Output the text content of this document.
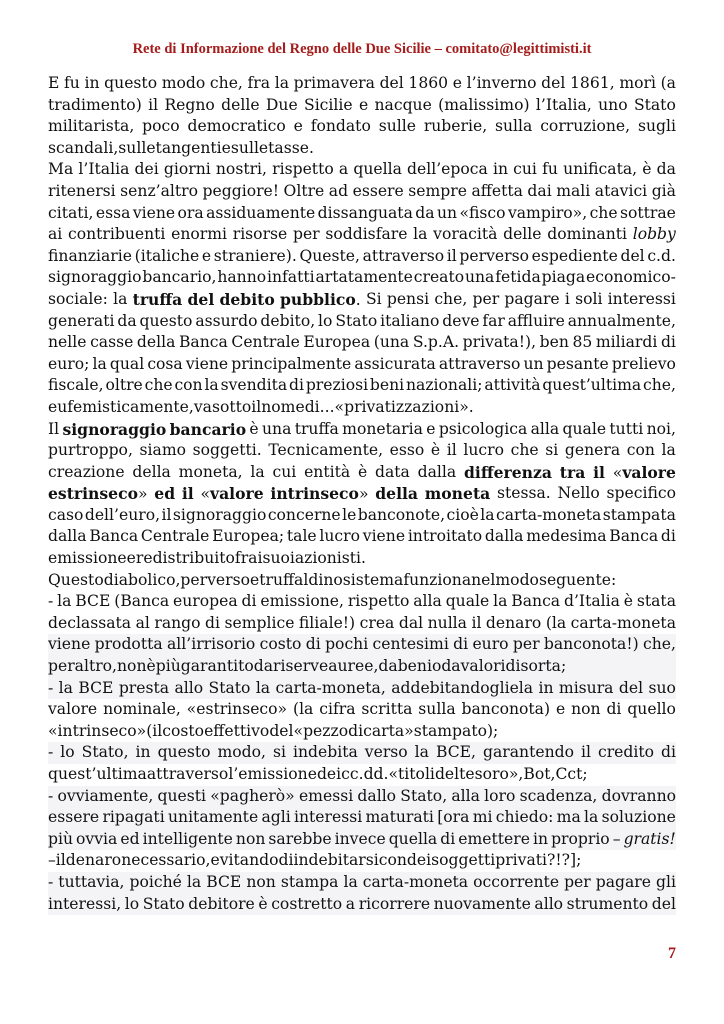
Rete di Informazione del Regno delle Due Sicilie – comitato@legittimisti.it
E fu in questo modo che, fra la primavera del 1860 e l’inverno del 1861, morì (a
tradimento) il Regno delle Due Sicilie e nacque (malissimo) l’Italia, uno Stato
militarista, poco democratico e fondato sulle ruberie, sulla corruzione, sugli
scandali, sulle tangenti e sulle tasse.
Ma l’Italia dei giorni nostri, rispetto a quella dell’epoca in cui fu unificata, è da
ritenersi senz’altro peggiore! Oltre ad essere sempre affetta dai mali atavici già
citati, essa viene ora assiduamente dissanguata da un «fisco vampiro», che sottrae
ai contribuenti enormi risorse per soddisfare la voracità delle dominanti lobby
finanziarie (italiche e straniere). Queste, attraverso il perverso espediente del c.d.
signoraggio bancario, hanno infatti artatamente creato una fetida piaga economico-
sociale: la truffa del debito pubblico. Si pensi che, per pagare i soli interessi
generati da questo assurdo debito, lo Stato italiano deve far affluire annualmente,
nelle casse della Banca Centrale Europea (una S.p.A. privata!), ben 85 miliardi di
euro; la qual cosa viene principalmente assicurata attraverso un pesante prelievo
fiscale, oltre che con la svendita di preziosi beni nazionali; attività quest’ultima che,
eufemisticamente, va sotto il nome di... «privatizzazioni».
Il signoraggio bancario è una truffa monetaria e psicologica alla quale tutti noi,
purtroppo, siamo soggetti. Tecnicamente, esso è il lucro che si genera con la
creazione della moneta, la cui entità è data dalla differenza tra il «valore
estrinseco» ed il «valore intrinseco» della moneta stessa. Nello specifico
caso dell’euro, il signoraggio concerne le banconote, cioè la carta-moneta stampata
dalla Banca Centrale Europea; tale lucro viene introitato dalla medesima Banca di
emissione e redistribuito fra i suoi azionisti.
Questo diabolico, perverso e truffaldino sistema funziona nel modo seguente:
- la BCE (Banca europea di emissione, rispetto alla quale la Banca d’Italia è stata
declassata al rango di semplice filiale!) crea dal nulla il denaro (la carta-moneta
viene prodotta all’irrisorio costo di pochi centesimi di euro per banconota!) che,
peraltro, non è più garantito da riserve auree, da beni o da valori di sorta;
- la BCE presta allo Stato la carta-moneta, addebitandogliela in misura del suo
valore nominale, «estrinseco» (la cifra scritta sulla banconota) e non di quello
«intrinseco» (il costo effettivo del «pezzo di carta» stampato);
- lo Stato, in questo modo, si indebita verso la BCE, garantendo il credito di
quest’ultima attraverso l’emissione dei cc.dd. «titoli del tesoro», Bot, Cct;
- ovviamente, questi «pagherò» emessi dallo Stato, alla loro scadenza, dovranno
essere ripagati unitamente agli interessi maturati [ora mi chiedo: ma la soluzione
più ovvia ed intelligente non sarebbe invece quella di emettere in proprio – gratis!
– il denaro necessario, evitando di indebitarsi con dei soggetti privati?!?];
- tuttavia, poiché la BCE non stampa la carta-moneta occorrente per pagare gli
interessi, lo Stato debitore è costretto a ricorrere nuovamente allo strumento del
7
